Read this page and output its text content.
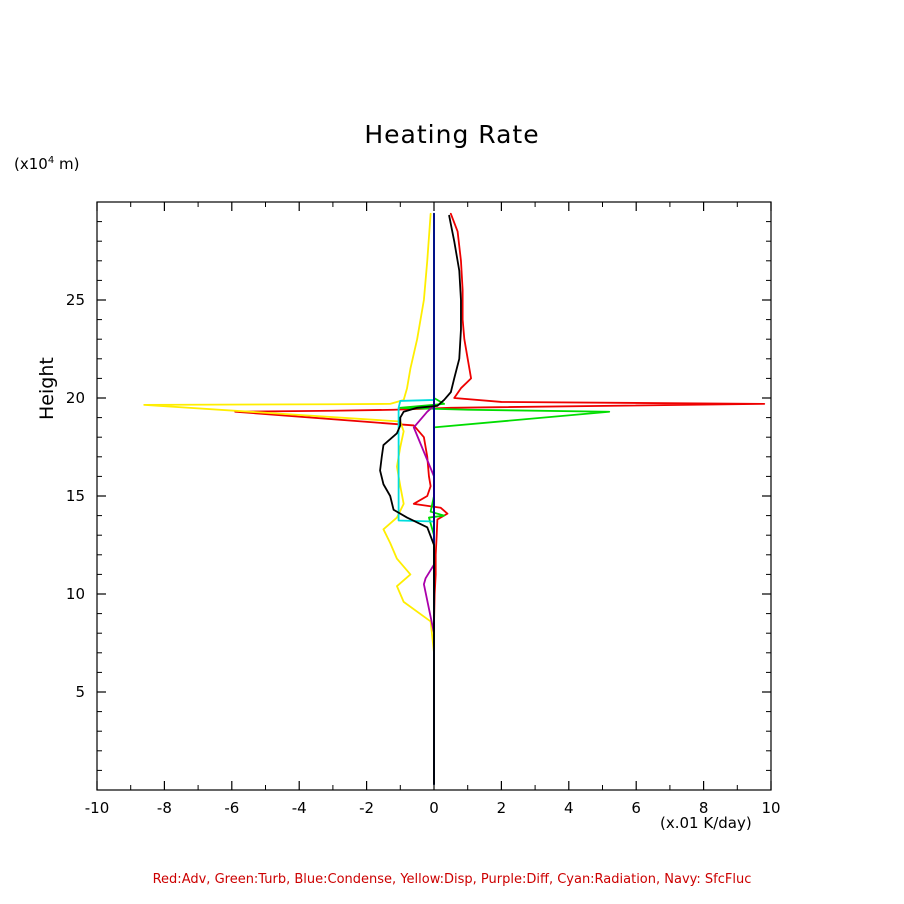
Heating Rate
($x10^4$ m)
Height
(x.01 K/day)
Red:Adv, Green:Turb, Blue:Condense, Yellow:Disp, Purple:Diff, Cyan:Radiation, Navy: SfcFluc
-10	-8	-6	-4	-2	0	2	4	6	8	10
5
10
15
20
25
